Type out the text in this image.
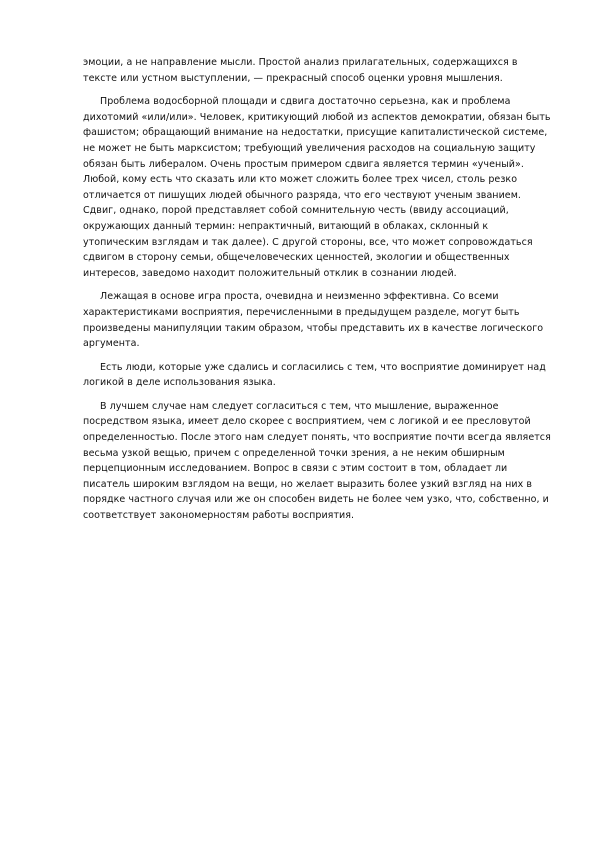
эмоции, а не направление мысли. Простой анализ прилагательных, содержащихся в тексте или устном выступлении, — прекрасный способ оценки уровня мышления.

Проблема водосборной площади и сдвига достаточно серьезна, как и проблема дихотомий «или/или». Человек, критикующий любой из аспектов демократии, обязан быть фашистом; обращающий внимание на недостатки, присущие капиталистической системе, не может не быть марксистом; требующий увеличения расходов на социальную защиту обязан быть либералом. Очень простым примером сдвига является термин «ученый». Любой, кому есть что сказать или кто может сложить более трех чисел, столь резко отличается от пишущих людей обычного разряда, что его чествуют ученым званием. Сдвиг, однако, порой представляет собой сомнительную честь (ввиду ассоциаций, окружающих данный термин: непрактичный, витающий в облаках, склонный к утопическим взглядам и так далее). С другой стороны, все, что может сопровождаться сдвигом в сторону семьи, общечеловеческих ценностей, экологии и общественных интересов, заведомо находит положительный отклик в сознании людей.

Лежащая в основе игра проста, очевидна и неизменно эффективна. Со всеми характеристиками восприятия, перечисленными в предыдущем разделе, могут быть произведены манипуляции таким образом, чтобы представить их в качестве логического аргумента.

Есть люди, которые уже сдались и согласились с тем, что восприятие доминирует над логикой в деле использования языка.

В лучшем случае нам следует согласиться с тем, что мышление, выраженное посредством языка, имеет дело скорее с восприятием, чем с логикой и ее пресловутой определенностью. После этого нам следует понять, что восприятие почти всегда является весьма узкой вещью, причем с определенной точки зрения, а не неким обширным перцепционным исследованием. Вопрос в связи с этим состоит в том, обладает ли писатель широким взглядом на вещи, но желает выразить более узкий взгляд на них в порядке частного случая или же он способен видеть не более чем узко, что, собственно, и соответствует закономерностям работы восприятия.
